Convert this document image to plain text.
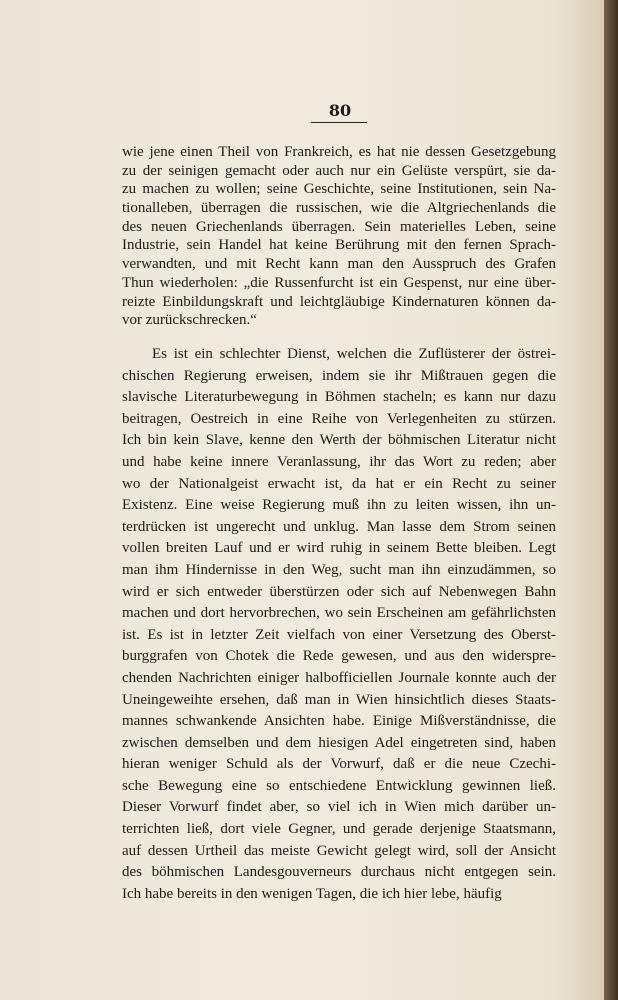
80
wie jene einen Theil von Frankreich, es hat nie dessen Gesetzgebung
zu der seinigen gemacht oder auch nur ein Gelüste verspürt, sie da-
zu machen zu wollen; seine Geschichte, seine Institutionen, sein Na-
tionalleben, überragen die russischen, wie die Altgriechenlands die
des neuen Griechenlands überragen. Sein materielles Leben, seine
Industrie, sein Handel hat keine Berührung mit den fernen Sprach-
verwandten, und mit Recht kann man den Ausspruch des Grafen
Thun wiederholen: „die Russenfurcht ist ein Gespenst, nur eine über-
reizte Einbildungskraft und leichtgläubige Kindernaturen können da-
vor zurückschrecken.“
Es ist ein schlechter Dienst, welchen die Zuflüsterer der östrei-
chischen Regierung erweisen, indem sie ihr Mißtrauen gegen die
slavische Literaturbewegung in Böhmen stacheln; es kann nur dazu
beitragen, Oestreich in eine Reihe von Verlegenheiten zu stürzen.
Ich bin kein Slave, kenne den Werth der böhmischen Literatur nicht
und habe keine innere Veranlassung, ihr das Wort zu reden; aber
wo der Nationalgeist erwacht ist, da hat er ein Recht zu seiner
Existenz. Eine weise Regierung muß ihn zu leiten wissen, ihn un-
terdrücken ist ungerecht und unklug. Man lasse dem Strom seinen
vollen breiten Lauf und er wird ruhig in seinem Bette bleiben. Legt
man ihm Hindernisse in den Weg, sucht man ihn einzudämmen, so
wird er sich entweder überstürzen oder sich auf Nebenwegen Bahn
machen und dort hervorbrechen, wo sein Erscheinen am gefährlichsten
ist. Es ist in letzter Zeit vielfach von einer Versetzung des Oberst-
burggrafen von Chotek die Rede gewesen, und aus den widerspre-
chenden Nachrichten einiger halbofficiellen Journale konnte auch der
Uneingeweihte ersehen, daß man in Wien hinsichtlich dieses Staats-
mannes schwankende Ansichten habe. Einige Mißverständnisse, die
zwischen demselben und dem hiesigen Adel eingetreten sind, haben
hieran weniger Schuld als der Vorwurf, daß er die neue Czechi-
sche Bewegung eine so entschiedene Entwicklung gewinnen ließ.
Dieser Vorwurf findet aber, so viel ich in Wien mich darüber un-
terrichten ließ, dort viele Gegner, und gerade derjenige Staatsmann,
auf dessen Urtheil das meiste Gewicht gelegt wird, soll der Ansicht
des böhmischen Landesgouverneurs durchaus nicht entgegen sein.
Ich habe bereits in den wenigen Tagen, die ich hier lebe, häufig
